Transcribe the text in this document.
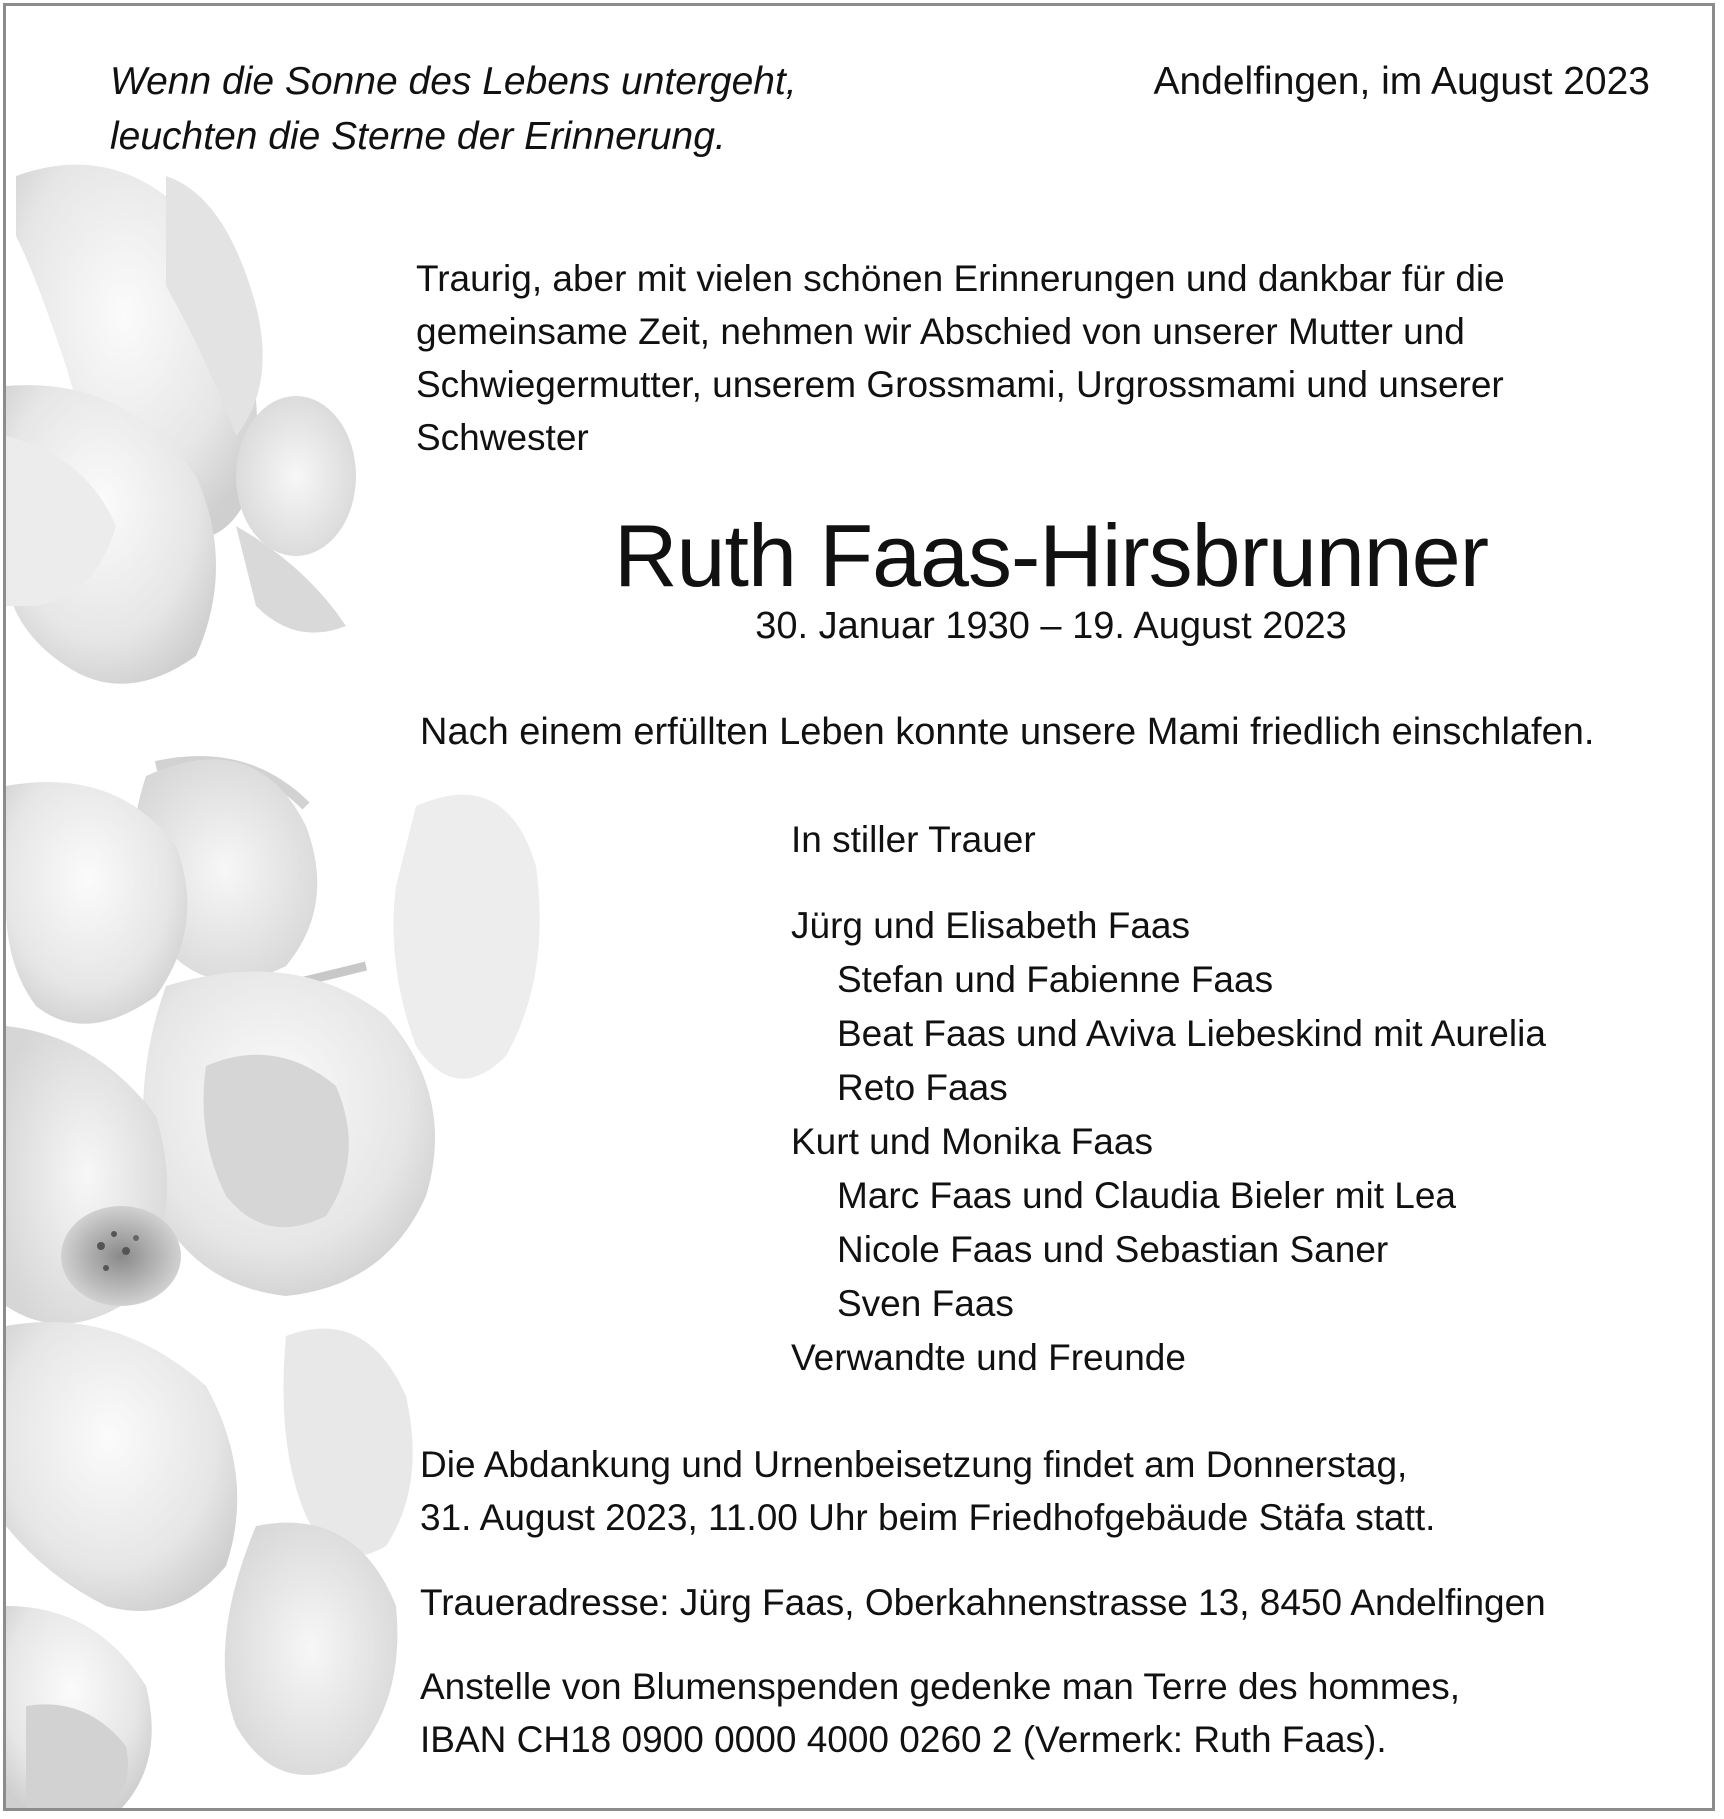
Wenn die Sonne des Lebens untergeht,
leuchten die Sterne der Erinnerung.
Andelfingen, im August 2023
Traurig, aber mit vielen schönen Erinnerungen und dankbar für die
gemeinsame Zeit, nehmen wir Abschied von unserer Mutter und
Schwiegermutter, unserem Grossmami, Urgrossmami und unserer
Schwester
Ruth Faas-Hirsbrunner
30. Januar 1930 – 19. August 2023
Nach einem erfüllten Leben konnte unsere Mami friedlich einschlafen.
In stiller Trauer
Jürg und Elisabeth Faas
Stefan und Fabienne Faas
Beat Faas und Aviva Liebeskind mit Aurelia
Reto Faas
Kurt und Monika Faas
Marc Faas und Claudia Bieler mit Lea
Nicole Faas und Sebastian Saner
Sven Faas
Verwandte und Freunde
Die Abdankung und Urnenbeisetzung findet am Donnerstag,
31. August 2023, 11.00 Uhr beim Friedhofgebäude Stäfa statt.
Traueradresse: Jürg Faas, Oberkahnenstrasse 13, 8450 Andelfingen
Anstelle von Blumenspenden gedenke man Terre des hommes,
IBAN CH18 0900 0000 4000 0260 2 (Vermerk: Ruth Faas).
